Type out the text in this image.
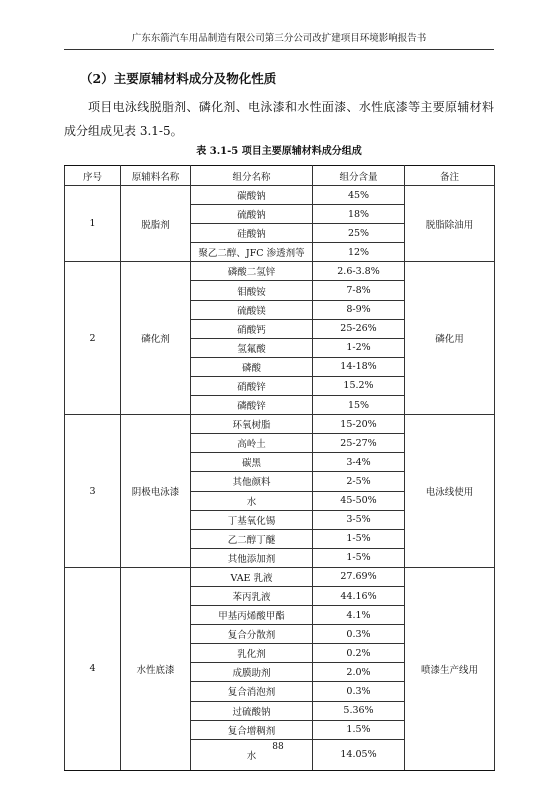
广东东箭汽车用品制造有限公司第三分公司改扩建项目环境影响报告书
（2）主要原辅材料成分及物化性质
项目电泳线脱脂剂、磷化剂、电泳漆和水性面漆、水性底漆等主要原辅材料成分组成见表 3.1-5。
表 3.1-5 项目主要原辅材料成分组成
序号	原辅料名称	组分名称	组分含量	备注
1	脱脂剂	碳酸钠	45%	脱脂除油用
		硫酸钠	18%	
		硅酸钠	25%	
		聚乙二醇、JFC 渗透剂等	12%	
2	磷化剂	磷酸二氢锌	2.6-3.8%	磷化用
		钼酸铵	7-8%	
		硫酸镁	8-9%	
		硝酸钙	25-26%	
		氢氟酸	1-2%	
		磷酸	14-18%	
		硝酸锌	15.2%	
		磷酸锌	15%	
3	阴极电泳漆	环氧树脂	15-20%	电泳线使用
		高岭土	25-27%	
		碳黑	3-4%	
		其他颜料	2-5%	
		水	45-50%	
		丁基氧化锡	3-5%	
		乙二醇丁醚	1-5%	
		其他添加剂	1-5%	
4	水性底漆	VAE 乳液	27.69%	喷漆生产线用
		苯丙乳液	44.16%	
		甲基丙烯酸甲酯	4.1%	
		复合分散剂	0.3%	
		乳化剂	0.2%	
		成膜助剂	2.0%	
		复合消泡剂	0.3%	
		过硫酸钠	5.36%	
		复合增稠剂	1.5%	
		水	14.05%	
88
